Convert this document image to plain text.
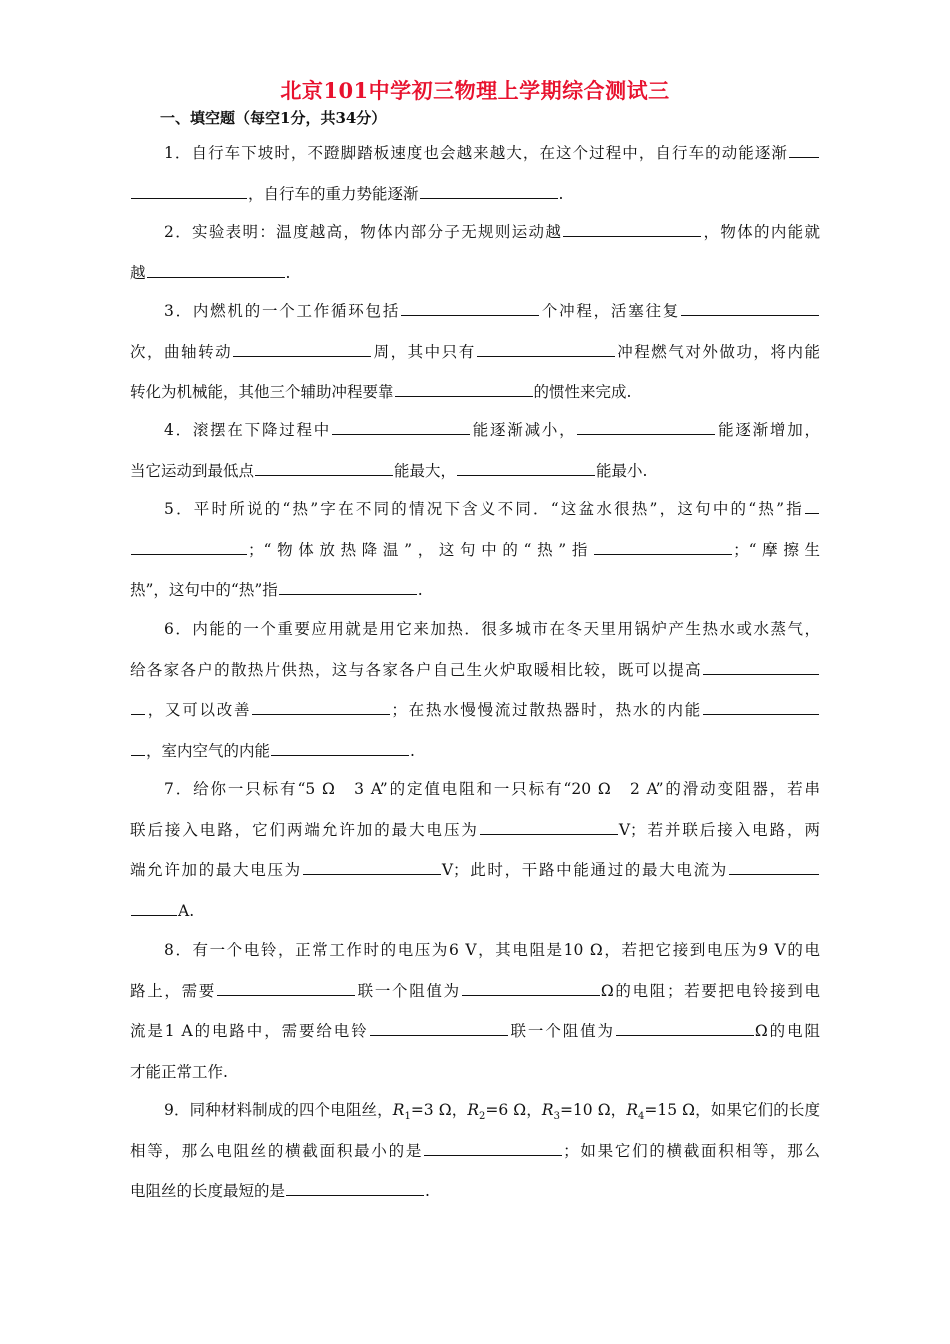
北京101中学初三物理上学期综合测试三
一、填空题（每空1分，共34分）
1．自行车下坡时，不蹬脚踏板速度也会越来越大，在这个过程中，自行车的动能逐渐
，自行车的重力势能逐渐	.
2．实验表明：温度越高，物体内部分子无规则运动越	，物体的内能就
越	.
3．内燃机的一个工作循环包括	个冲程，活塞往复
次，曲轴转动	周，其中只有	冲程燃气对外做功，将内能
转化为机械能，其他三个辅助冲程要靠	的惯性来完成.
4．滚摆在下降过程中	能逐渐减小，	能逐渐增加，
当它运动到最低点	能最大，	能最小.
5．平时所说的“热”字在不同的情况下含义不同．“这盆水很热”，这句中的“热”指
；“物体放热降温”，这句中的“热”指	；“摩擦生
热”，这句中的“热”指	.
6．内能的一个重要应用就是用它来加热．很多城市在冬天里用锅炉产生热水或水蒸气，
给各家各户的散热片供热，这与各家各户自己生火炉取暖相比较，既可以提高
，又可以改善	；在热水慢慢流过散热器时，热水的内能
，室内空气的内能	.
7．给你一只标有“5 Ω　3 A”的定值电阻和一只标有“20 Ω　2 A”的滑动变阻器，若串
联后接入电路，它们两端允许加的最大电压为	V；若并联后接入电路，两
端允许加的最大电压为	V；此时，干路中能通过的最大电流为
A.
8．有一个电铃，正常工作时的电压为6 V，其电阻是10 Ω，若把它接到电压为9 V的电
路上，需要	联一个阻值为	Ω的电阻；若要把电铃接到电
流是1 A的电路中，需要给电铃	联一个阻值为	Ω的电阻
才能正常工作.
9．同种材料制成的四个电阻丝，$R_1=3$ Ω，$R_2=6$ Ω，$R_3=10$ Ω，$R_4=15$ Ω，如果它们的长度
相等，那么电阻丝的横截面积最小的是	；如果它们的横截面积相等，那么
电阻丝的长度最短的是	.
